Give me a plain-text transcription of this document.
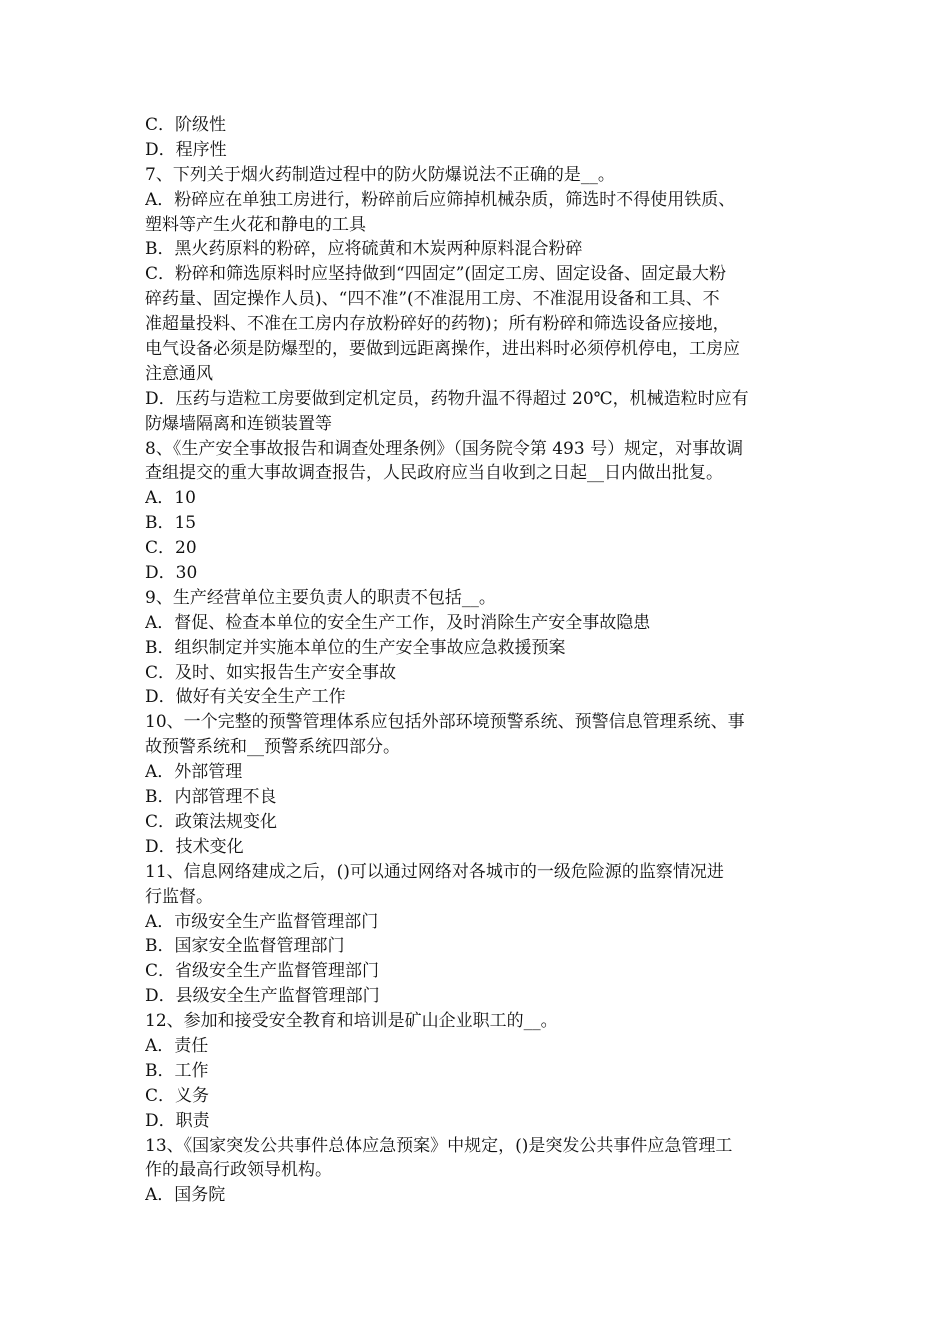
C．阶级性
D．程序性
7、下列关于烟火药制造过程中的防火防爆说法不正确的是__。
A．粉碎应在单独工房进行，粉碎前后应筛掉机械杂质，筛选时不得使用铁质、
塑料等产生火花和静电的工具
B．黑火药原料的粉碎，应将硫黄和木炭两种原料混合粉碎
C．粉碎和筛选原料时应坚持做到“四固定”(固定工房、固定设备、固定最大粉
碎药量、固定操作人员)、“四不准”(不准混用工房、不准混用设备和工具、不
准超量投料、不准在工房内存放粉碎好的药物)；所有粉碎和筛选设备应接地，
电气设备必须是防爆型的，要做到远距离操作，进出料时必须停机停电，工房应
注意通风
D．压药与造粒工房要做到定机定员，药物升温不得超过 20℃，机械造粒时应有
防爆墙隔离和连锁装置等
8、《生产安全事故报告和调查处理条例》（国务院令第 493 号）规定，对事故调
查组提交的重大事故调查报告，人民政府应当自收到之日起__日内做出批复。
A．10
B．15
C．20
D．30
9、生产经营单位主要负责人的职责不包括__。
A．督促、检查本单位的安全生产工作，及时消除生产安全事故隐患
B．组织制定并实施本单位的生产安全事故应急救援预案
C．及时、如实报告生产安全事故
D．做好有关安全生产工作
10、一个完整的预警管理体系应包括外部环境预警系统、预警信息管理系统、事
故预警系统和__预警系统四部分。
A．外部管理
B．内部管理不良
C．政策法规变化
D．技术变化
11、信息网络建成之后，()可以通过网络对各城市的一级危险源的监察情况进
行监督。
A．市级安全生产监督管理部门
B．国家安全监督管理部门
C．省级安全生产监督管理部门
D．县级安全生产监督管理部门
12、参加和接受安全教育和培训是矿山企业职工的__。
A．责任
B．工作
C．义务
D．职责
13、《国家突发公共事件总体应急预案》中规定，()是突发公共事件应急管理工
作的最高行政领导机构。
A．国务院
